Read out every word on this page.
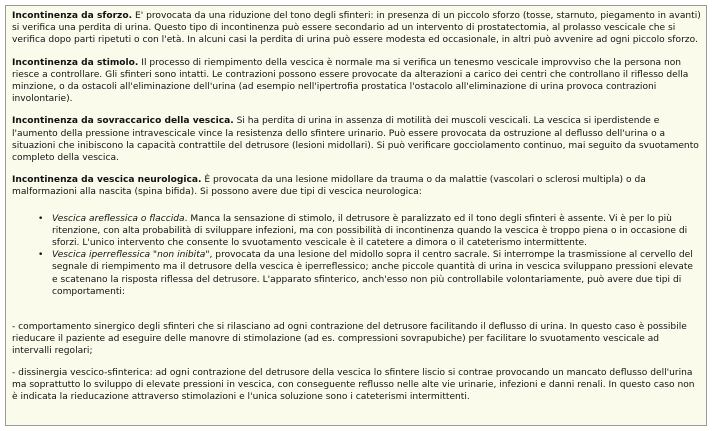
Incontinenza da sforzo. E' provocata da una riduzione del tono degli sfinteri: in presenza di un piccolo sforzo (tosse, starnuto, piegamento in avanti) si verifica una perdita di urina. Questo tipo di incontinenza può essere secondario ad un intervento di prostatectomia, al prolasso vescicale che si verifica dopo parti ripetuti o con l'età. In alcuni casi la perdita di urina può essere modesta ed occasionale, in altri può avvenire ad ogni piccolo sforzo.

Incontinenza da stimolo. Il processo di riempimento della vescica è normale ma si verifica un tenesmo vescicale improvviso che la persona non riesce a controllare. Gli sfinteri sono intatti. Le contrazioni possono essere provocate da alterazioni a carico dei centri che controllano il riflesso della minzione, o da ostacoli all'eliminazione dell'urina (ad esempio nell'ipertrofia prostatica l'ostacolo all'eliminazione di urina provoca contrazioni involontarie).

Incontinenza da sovraccarico della vescica. Si ha perdita di urina in assenza di motilità dei muscoli vescicali. La vescica si iperdistende e l'aumento della pressione intravescicale vince la resistenza dello sfintere urinario. Può essere provocata da ostruzione al deflusso dell'urina o a situazioni che inibiscono la capacità contrattile del detrusore (lesioni midollari). Si può verificare gocciolamento continuo, mai seguito da svuotamento completo della vescica.

Incontinenza da vescica neurologica. È provocata da una lesione midollare da trauma o da malattie (vascolari o sclerosi multipla) o da malformazioni alla nascita (spina bifida). Si possono avere due tipi di vescica neurologica:

• Vescica areflessica o flaccida. Manca la sensazione di stimolo, il detrusore è paralizzato ed il tono degli sfinteri è assente. Vi è per lo più ritenzione, con alta probabilità di sviluppare infezioni, ma con possibilità di incontinenza quando la vescica è troppo piena o in occasione di sforzi. L'unico intervento che consente lo svuotamento vescicale è il catetere a dimora o il cateterismo intermittente.
• Vescica iperreflessica "non inibita", provocata da una lesione del midollo sopra il centro sacrale. Si interrompe la trasmissione al cervello del segnale di riempimento ma il detrusore della vescica è iperreflessico; anche piccole quantità di urina in vescica sviluppano pressioni elevate e scatenano la risposta riflessa del detrusore. L'apparato sfinterico, anch'esso non più controllabile volontariamente, può avere due tipi di comportamenti:

- comportamento sinergico degli sfinteri che si rilasciano ad ogni contrazione del detrusore facilitando il deflusso di urina. In questo caso è possibile rieducare il paziente ad eseguire delle manovre di stimolazione (ad es. compressioni sovrapubiche) per facilitare lo svuotamento vescicale ad intervalli regolari;

- dissinergia vescico-sfinterica: ad ogni contrazione del detrusore della vescica lo sfintere liscio si contrae provocando un mancato deflusso dell'urina ma soprattutto lo sviluppo di elevate pressioni in vescica, con conseguente reflusso nelle alte vie urinarie, infezioni e danni renali. In questo caso non è indicata la rieducazione attraverso stimolazioni e l'unica soluzione sono i cateterismi intermittenti.
